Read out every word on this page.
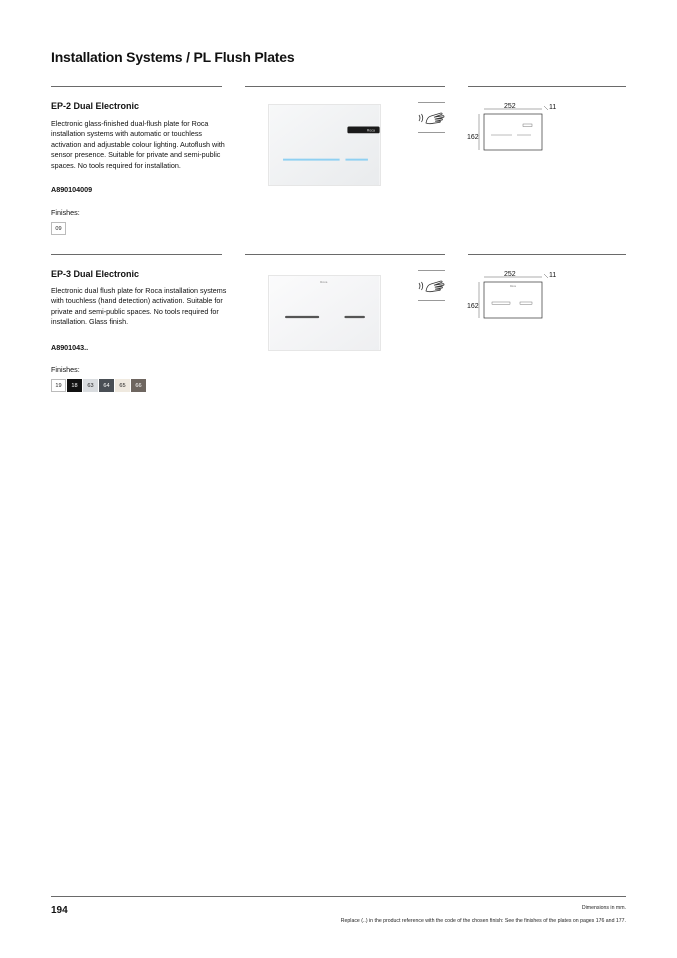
Installation Systems / PL Flush Plates
EP-2 Dual Electronic
Electronic glass-finished dual-flush plate for Roca installation systems with automatic or touchless activation and adjustable colour lighting. Autoflush with sensor presence. Suitable for private and semi-public spaces. No tools required for installation.
A890104009
Finishes:
09
Roca
252	11
162
EP-3 Dual Electronic
Electronic dual flush plate for Roca installation systems with touchless (hand detection) activation. Suitable for private and semi-public spaces. No tools required for installation. Glass finish.
A8901043..
Finishes:
19	18	63	64	65	66
Roca
Roca
252	11
162
194	Dimensions in mm.
Replace (..) in the product reference with the code of the chosen finish: See the finishes of the plates on pages 176 and 177.
